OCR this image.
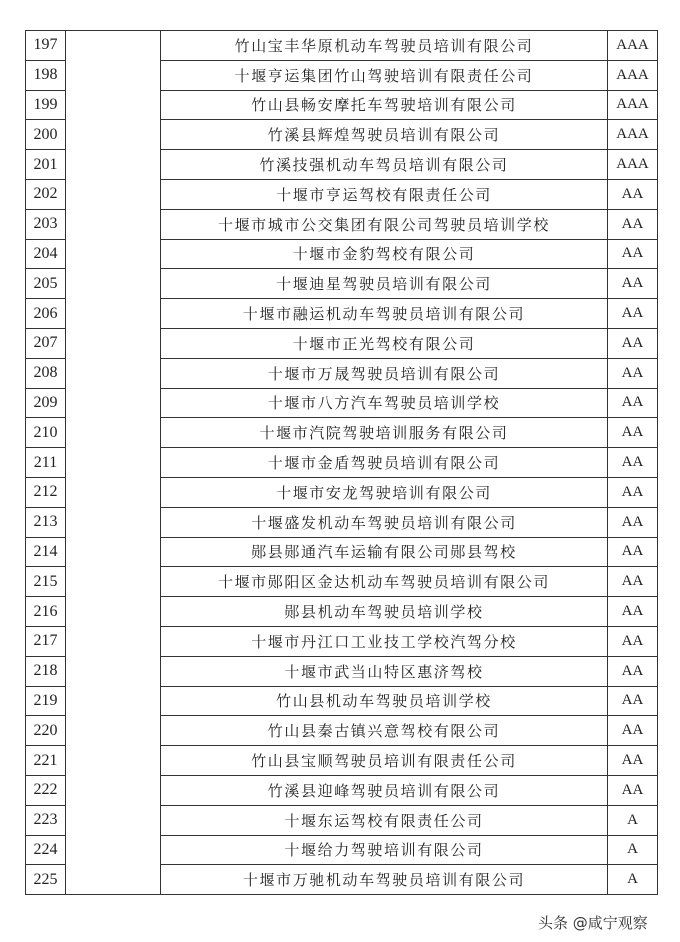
197		竹山宝丰华原机动车驾驶员培训有限公司	AAA
198		十堰亨运集团竹山驾驶培训有限责任公司	AAA
199		竹山县畅安摩托车驾驶培训有限公司	AAA
200		竹溪县辉煌驾驶员培训有限公司	AAA
201		竹溪技强机动车驾员培训有限公司	AAA
202		十堰市亨运驾校有限责任公司	AA
203		十堰市城市公交集团有限公司驾驶员培训学校	AA
204		十堰市金豹驾校有限公司	AA
205		十堰迪星驾驶员培训有限公司	AA
206		十堰市融运机动车驾驶员培训有限公司	AA
207		十堰市正光驾校有限公司	AA
208		十堰市万晟驾驶员培训有限公司	AA
209		十堰市八方汽车驾驶员培训学校	AA
210		十堰市汽院驾驶培训服务有限公司	AA
211		十堰市金盾驾驶员培训有限公司	AA
212		十堰市安龙驾驶培训有限公司	AA
213		十堰盛发机动车驾驶员培训有限公司	AA
214		郧县郧通汽车运输有限公司郧县驾校	AA
215		十堰市郧阳区金达机动车驾驶员培训有限公司	AA
216		郧县机动车驾驶员培训学校	AA
217		十堰市丹江口工业技工学校汽驾分校	AA
218		十堰市武当山特区惠济驾校	AA
219		竹山县机动车驾驶员培训学校	AA
220		竹山县秦古镇兴意驾校有限公司	AA
221		竹山县宝顺驾驶员培训有限责任公司	AA
222		竹溪县迎峰驾驶员培训有限公司	AA
223		十堰东运驾校有限责任公司	A
224		十堰给力驾驶培训有限公司	A
225		十堰市万驰机动车驾驶员培训有限公司	A
头条 @咸宁观察
